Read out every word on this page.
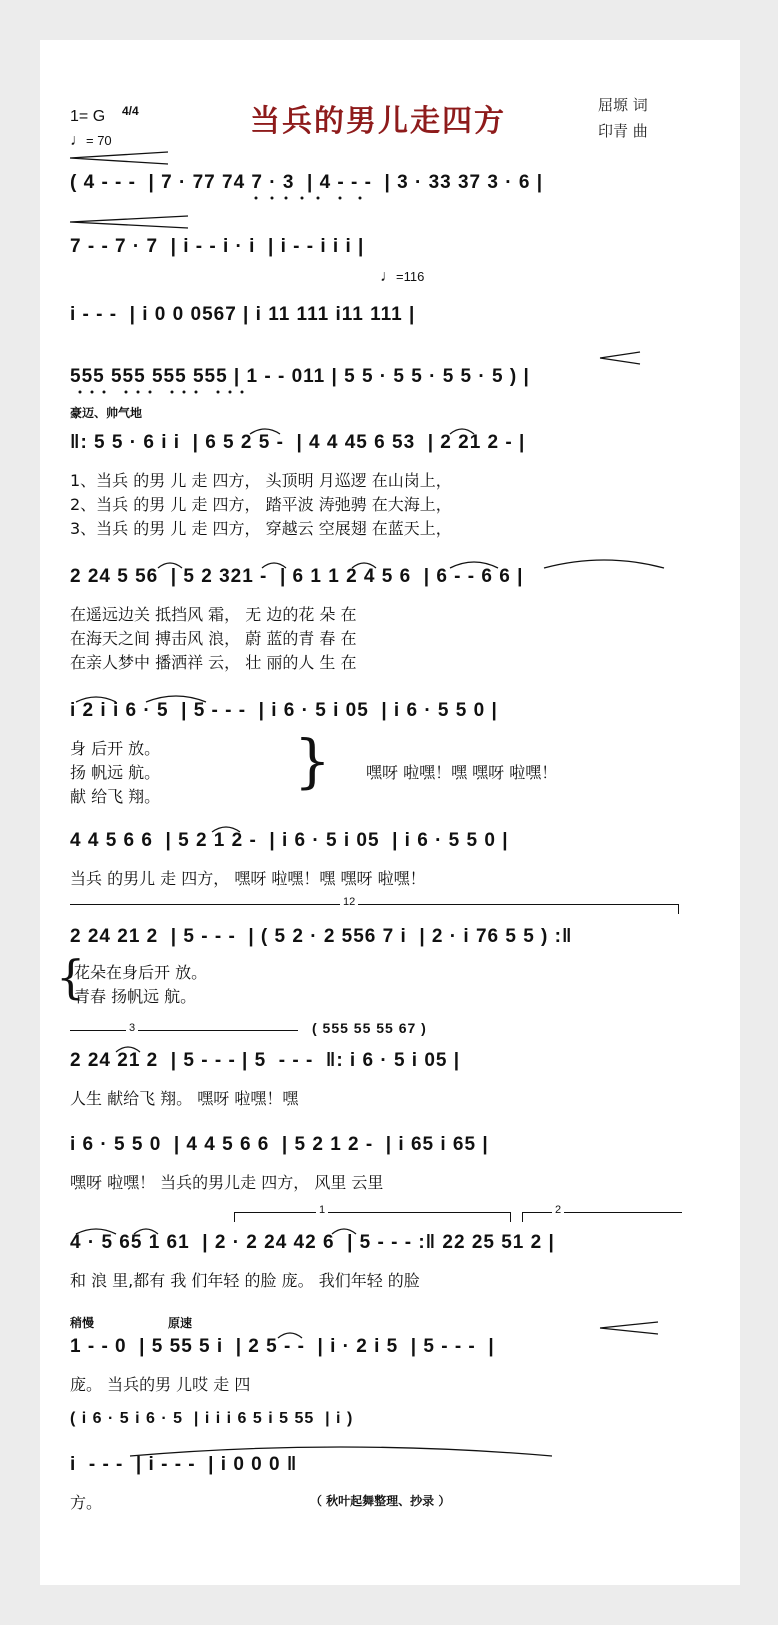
当兵的男儿走四方	屈塬 词
印青 曲
1= G 4/4
♩= 70
♩=116
( 4 - - -  | 7 · 77 74 7 · 3  | 4 - - -  | 3 · 33 37 3 · 6 |
7 - - 7 · 7  | i - - i · i  | i - - i i i |
i - - -  | i 0 0 0567 | i 11 111 i11 111 |
555 555 555 555 | 1 - - 011 | 5 5 · 5 5 · 5 5 · 5 ) |
豪迈、帅气地
‖: 5 5 · 6 i i  | 6 5 2 5 -  | 4 4 45 6 53  | 2 21 2 - |
1、当兵 的男 儿 走 四方， 头顶明 月巡逻 在山岗上，
2、当兵 的男 儿 走 四方， 踏平波 涛弛骋 在大海上，
3、当兵 的男 儿 走 四方， 穿越云 空展翅 在蓝天上，
2 24 5 56  | 5 2 321 -  | 6 1 1 2 4 5 6  | 6 - - 6 6 |
在遥远边关 抵挡风 霜， 无 边的花 朵 在
在海天之间 搏击风 浪， 蔚 蓝的青 春 在
在亲人梦中 播洒祥 云， 壮 丽的人 生 在
i 2 i i 6 · 5  | 5 - - -  | i 6 · 5 i 05  | i 6 · 5 5 0 |
身 后开 放。
扬 帆远 航。
献 给飞 翔。
} 嘿呀 啦嘿！嘿 嘿呀 啦嘿！
4 4 5 6 6  | 5 2 1 2 -  | i 6 · 5 i 05  | i 6 · 5 5 0 |
当兵 的男儿 走 四方， 嘿呀 啦嘿！嘿 嘿呀 啦嘿！
12
2 24 21 2  | 5 - - -  | ( 5 2 · 2 556 7 i  | 2 · i 76 5 5 ) :‖
{
花朵在身后开 放。
青春 扬帆远 航。
3	( 555 55 55 67 )
2 24 21 2  | 5 - - - | 5  - - -  ‖: i 6 · 5 i 05 |
人生 献给飞 翔。 嘿呀 啦嘿！嘿
i 6 · 5 5 0  | 4 4 5 6 6  | 5 2 1 2 -  | i 65 i 65 |
嘿呀 啦嘿！ 当兵的男儿走 四方， 风里 云里
1	2
4 · 5 65 1 61  | 2 · 2 24 42 6  | 5 - - - :‖ 22 25 51 2 |
和 浪 里,都有 我 们年轻 的脸 庞。 我们年轻 的脸
稍慢	原速
1 - - 0  | 5 55 5 i  | 2 5 - -  | i · 2 i 5  | 5 - - -  |
庞。 当兵的男 儿哎 走 四
( i 6 · 5 i 6 · 5  | i i i 6 5 i 5 55  | i )
i  - - -  | i - - -  | i 0 0 0 ‖
方。	（ 秋叶起舞整理、抄录 ）
